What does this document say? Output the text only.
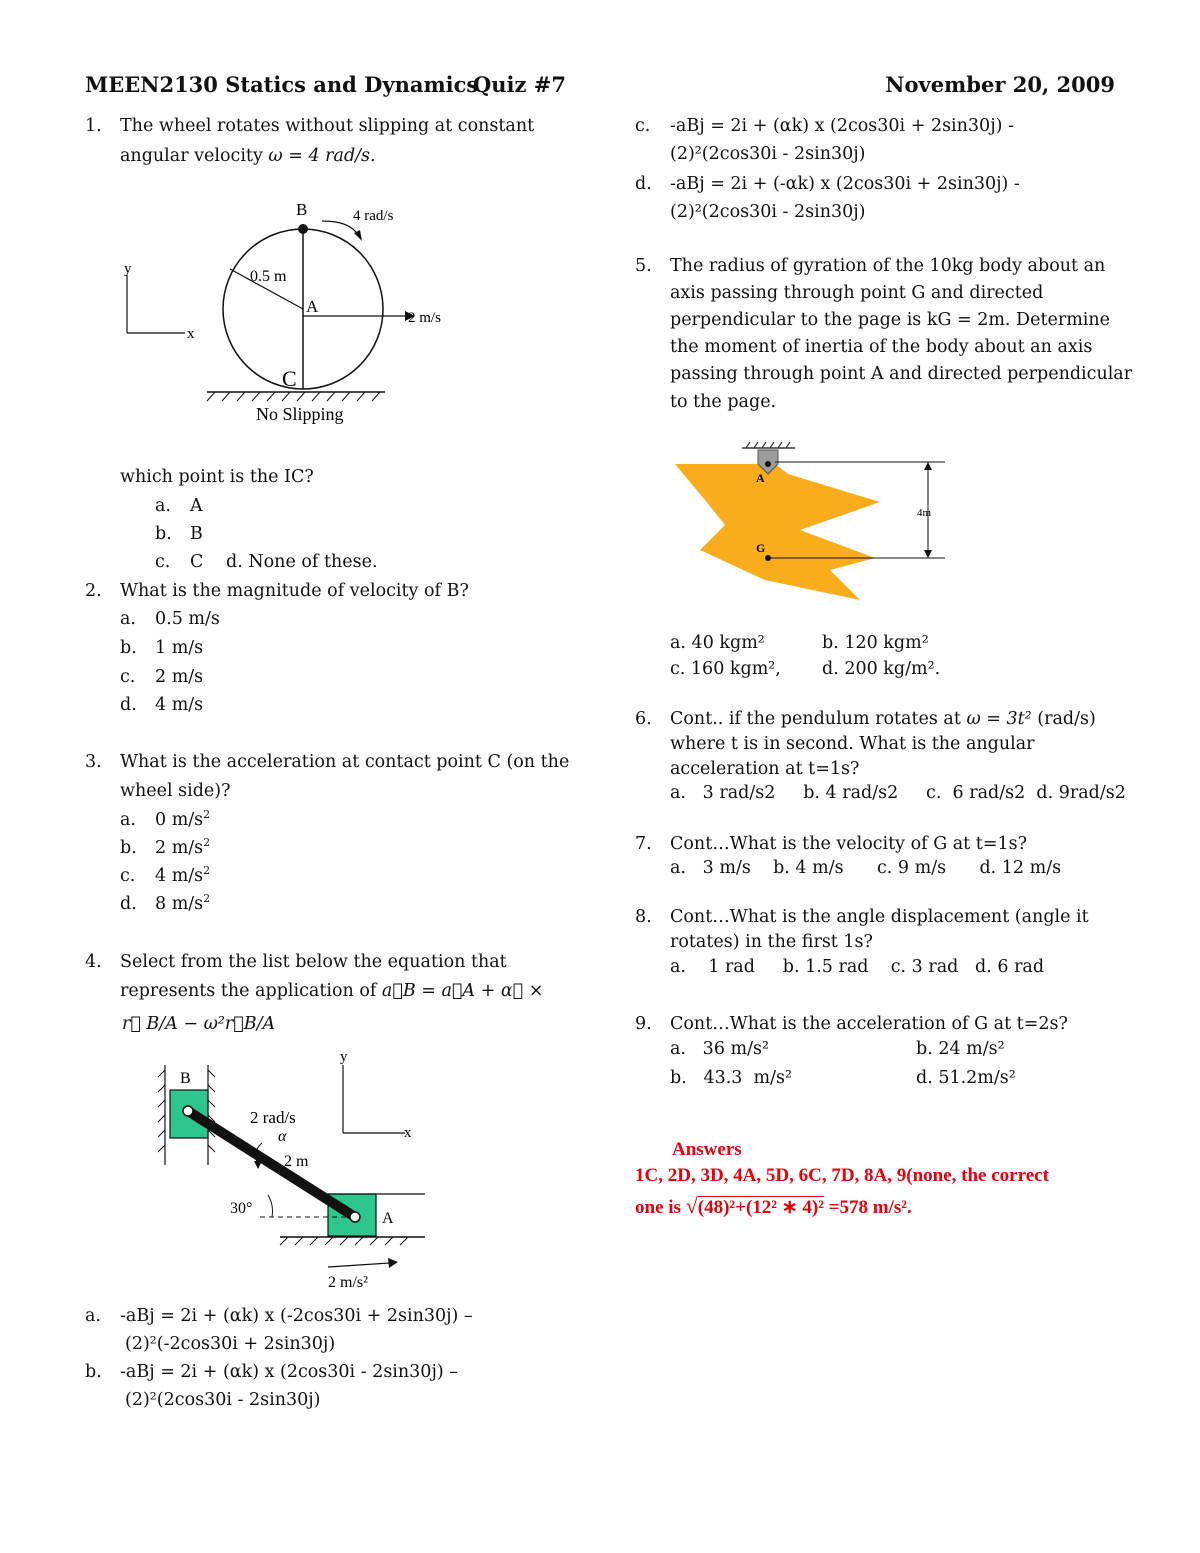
MEEN2130 Statics and Dynamics
Quiz #7	November 20, 2009
1. The wheel rotates without slipping at constant
angular velocity ω = 4 rad/s.
B	4 rad/s
0.5 m
A
2 m/s
C
No Slipping
y
x
which point is the IC?
a. A
b. B
c. C d. None of these.
2. What is the magnitude of velocity of B?
a. 0.5 m/s
b. 1 m/s
c. 2 m/s
d. 4 m/s
3. What is the acceleration at contact point C (on the
wheel side)?
a. 0 $m/s^2$
b. 2 $m/s^2$
c. 4 $m/s^2$
d. 8 $m/s^2$
4. Select from the list below the equation that
represents the application of a⃗B = a⃗A + α⃗ ×
r⃗ B/A − ω²r⃗B/A
B
2 rad/s
α
2 m
30°
A
2 m/s²
y
x
a. -aBj = 2i + (αk) x (-2cos30i + 2sin30j) –
(2)²(-2cos30i + 2sin30j)
b. -aBj = 2i + (αk) x (2cos30i - 2sin30j) –
(2)²(2cos30i - 2sin30j)
c. -aBj = 2i + (αk) x (2cos30i + 2sin30j) -
(2)²(2cos30i - 2sin30j)
d. -aBj = 2i + (-αk) x (2cos30i + 2sin30j) -
(2)²(2cos30i - 2sin30j)
5. The radius of gyration of the 10kg body about an
axis passing through point G and directed
perpendicular to the page is kG = 2m. Determine
the moment of inertia of the body about an axis
passing through point A and directed perpendicular
to the page.
A
G
4m
a. 40 kgm²	b. 120 kgm²
c. 160 kgm², d. 200 kg/m².
6. Cont.. if the pendulum rotates at ω = 3t² (rad/s)
where t is in second. What is the angular
acceleration at t=1s?
a.   3 rad/s2     b. 4 rad/s2     c.  6 rad/s2  d. 9rad/s2
7. Cont…What is the velocity of G at t=1s?
a.   3 m/s    b. 4 m/s      c. 9 m/s      d. 12 m/s
8. Cont…What is the angle displacement (angle it
rotates) in the first 1s?
a.    1 rad     b. 1.5 rad    c. 3 rad   d. 6 rad
9. Cont…What is the acceleration of G at t=2s?
a.   36 m/s²	b. 24 m/s²
b.   43.3  m/s²	d. 51.2m/s²
Answers
1C, 2D, 3D, 4A, 5D, 6C, 7D, 8A, 9(none, the correct
one is √(48)²+(12² ∗ 4)² =578 m/s².
